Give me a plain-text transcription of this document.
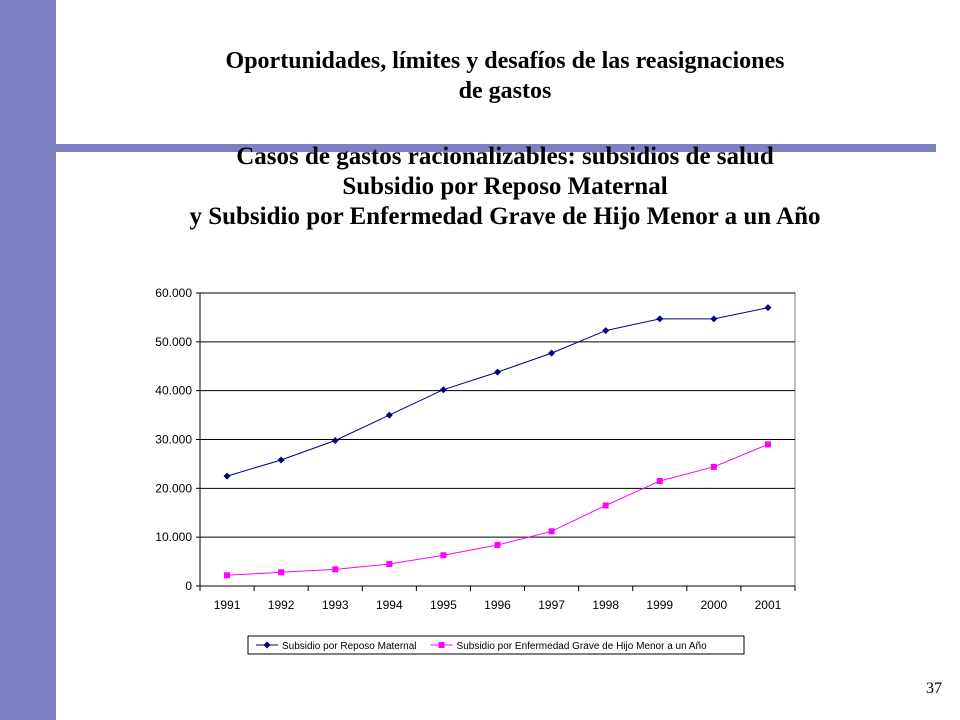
Oportunidades, límites y desafíos de las reasignaciones
de gastos
Casos de gastos racionalizables: subsidios de salud
Subsidio por Reposo Maternal
y Subsidio por Enfermedad Grave de Hijo Menor a un Año
0
10.000
20.000
30.000
40.000
50.000
60.000
1991 1992 1993 1994 1995 1996 1997 1998 1999 2000 2001
Subsidio por Reposo Maternal	Subsidio por Enfermedad Grave de Hijo Menor a un Año
37
